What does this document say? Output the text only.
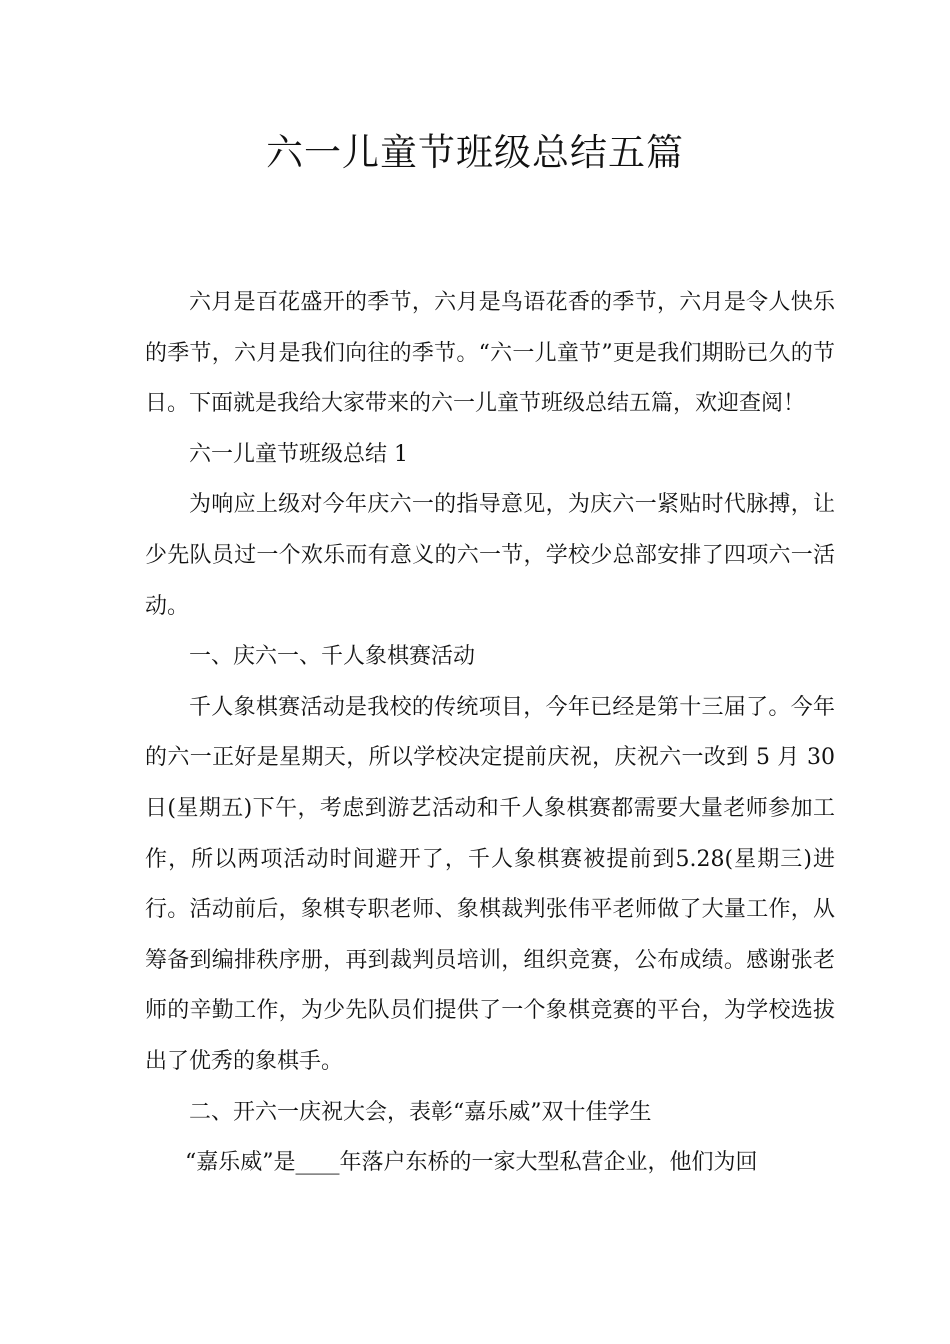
六一儿童节班级总结五篇

六月是百花盛开的季节，六月是鸟语花香的季节，六月是令人快乐的季节，六月是我们向往的季节。“六一儿童节”更是我们期盼已久的节日。下面就是我给大家带来的六一儿童节班级总结五篇，欢迎查阅！

六一儿童节班级总结 1

为响应上级对今年庆六一的指导意见，为庆六一紧贴时代脉搏，让少先队员过一个欢乐而有意义的六一节，学校少总部安排了四项六一活动。

一、庆六一、千人象棋赛活动

千人象棋赛活动是我校的传统项目，今年已经是第十三届了。今年的六一正好是星期天，所以学校决定提前庆祝，庆祝六一改到 5 月 30 日(星期五)下午，考虑到游艺活动和千人象棋赛都需要大量老师参加工作，所以两项活动时间避开了，千人象棋赛被提前到5.28(星期三)进行。活动前后，象棋专职老师、象棋裁判张伟平老师做了大量工作，从筹备到编排秩序册，再到裁判员培训，组织竞赛，公布成绩。感谢张老师的辛勤工作，为少先队员们提供了一个象棋竞赛的平台，为学校选拔出了优秀的象棋手。

二、开六一庆祝大会，表彰“嘉乐威”双十佳学生

“嘉乐威”是____年落户东桥的一家大型私营企业，他们为回
